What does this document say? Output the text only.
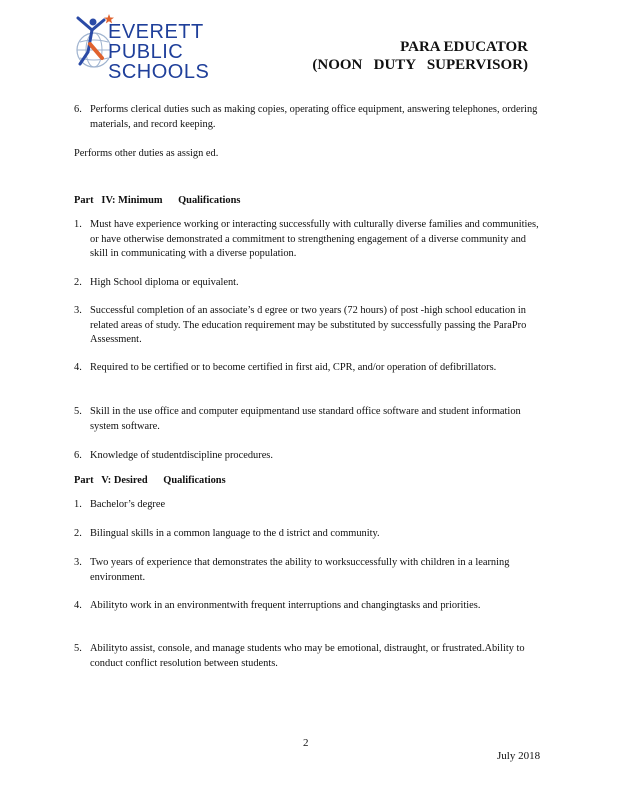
EVERETT
PUBLIC
SCHOOLS
PARA EDUCATOR
(NOON   DUTY   SUPERVISOR)
6. Performs clerical duties such as making copies, operating office equipment, answering telephones, ordering materials, and record keeping.
Performs other duties as assign ed.
Part   IV: Minimum      Qualifications
1. Must have experience working or interacting successfully with culturally diverse families and communities, or have otherwise demonstrated a commitment to strengthening engagement of a diverse community and skill in communicating with a diverse population.
2. High School diploma or equivalent.
3. Successful completion of an associate’s d egree or two years (72 hours) of post -high school education in related areas of study. The education requirement may be substituted by successfully passing the ParaPro Assessment.
4. Required to be certified or to become certified in first aid, CPR, and/or operation of defibrillators.
5. Skill in the use office and computer equipmentand use standard office software and student information system software.
6. Knowledge of studentdiscipline procedures.
Part   V: Desired      Qualifications
1. Bachelor’s degree
2. Bilingual skills in a common language to the d istrict and community.
3. Two years of experience that demonstrates the ability to worksuccessfully with children in a learning environment.
4. Abilityto work in an environmentwith frequent interruptions and changingtasks and priorities.
5. Abilityto assist, console, and manage students who may be emotional, distraught, or frustrated.Ability to conduct conflict resolution between students.
2
July 2018
